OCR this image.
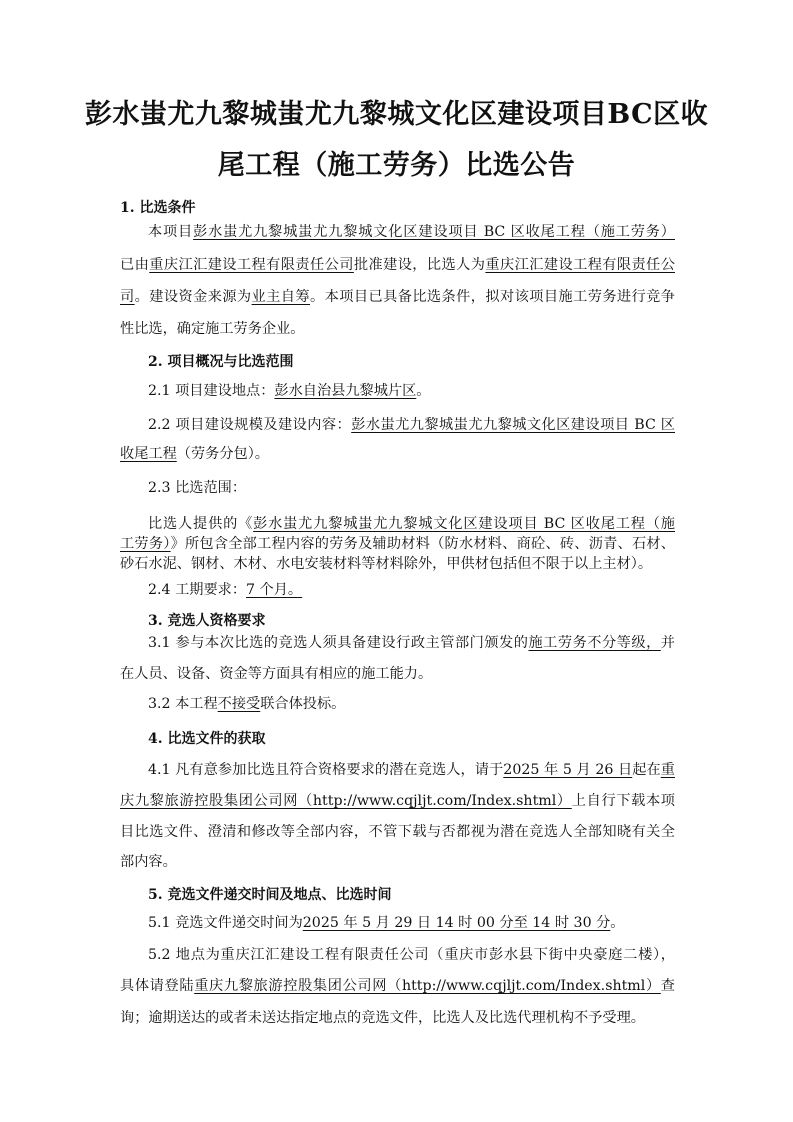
彭水蚩尤九黎城蚩尤九黎城文化区建设项目BC区收
尾工程（施工劳务）比选公告
1. 比选条件
本项目彭水蚩尤九黎城蚩尤九黎城文化区建设项目 BC 区收尾工程（施工劳务）
已由重庆江汇建设工程有限责任公司批准建设，比选人为重庆江汇建设工程有限责任公
司。建设资金来源为业主自筹。本项目已具备比选条件，拟对该项目施工劳务进行竞争
性比选，确定施工劳务企业。
2. 项目概况与比选范围
2.1 项目建设地点：彭水自治县九黎城片区。
2.2 项目建设规模及建设内容：彭水蚩尤九黎城蚩尤九黎城文化区建设项目 BC 区
收尾工程（劳务分包）。
2.3 比选范围：
比选人提供的《彭水蚩尤九黎城蚩尤九黎城文化区建设项目 BC 区收尾工程（施
工劳务）》所包含全部工程内容的劳务及辅助材料（防水材料、商砼、砖、沥青、石材、
砂石水泥、钢材、木材、水电安装材料等材料除外，甲供材包括但不限于以上主材）。
2.4 工期要求：7 个月。
3. 竞选人资格要求
3.1 参与本次比选的竞选人须具备建设行政主管部门颁发的施工劳务不分等级，并
在人员、设备、资金等方面具有相应的施工能力。
3.2 本工程不接受联合体投标。
4. 比选文件的获取
4.1 凡有意参加比选且符合资格要求的潜在竞选人，请于2025 年 5 月 26 日起在重
庆九黎旅游控股集团公司网（http://www.cqjljt.com/Index.shtml）上自行下载本项
目比选文件、澄清和修改等全部内容，不管下载与否都视为潜在竞选人全部知晓有关全
部内容。
5. 竞选文件递交时间及地点、比选时间
5.1 竞选文件递交时间为2025 年 5 月 29 日 14 时 00 分至 14 时 30 分。
5.2 地点为重庆江汇建设工程有限责任公司（重庆市彭水县下街中央豪庭二楼），
具体请登陆重庆九黎旅游控股集团公司网（http://www.cqjljt.com/Index.shtml）查
询；逾期送达的或者未送达指定地点的竞选文件，比选人及比选代理机构不予受理。
